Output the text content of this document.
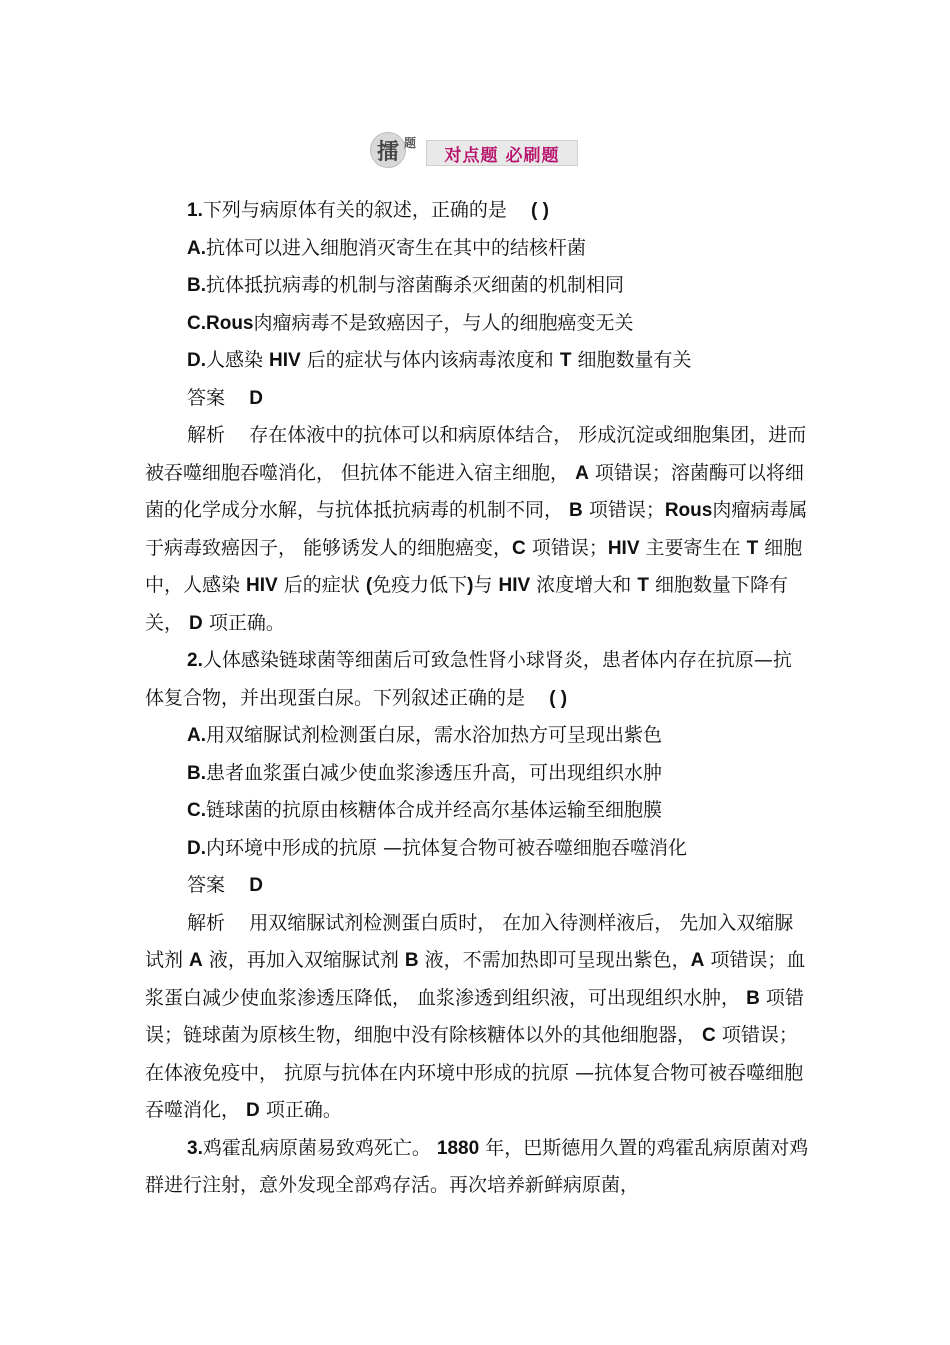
擂 题
对点题 必刷题

1.下列与病原体有关的叙述，正确的是 ( )

A.抗体可以进入细胞消灭寄生在其中的结核杆菌

B.抗体抵抗病毒的机制与溶菌酶杀灭细菌的机制相同

C.Rous肉瘤病毒不是致癌因子，与人的细胞癌变无关

D.人感染 HIV 后的症状与体内该病毒浓度和 T 细胞数量有关

答案 D

解析 存在体液中的抗体可以和病原体结合， 形成沉淀或细胞集团，进而被吞噬细胞吞噬消化， 但抗体不能进入宿主细胞， A 项错误；溶菌酶可以将细菌的化学成分水解，与抗体抵抗病毒的机制不同， B 项错误；Rous肉瘤病毒属于病毒致癌因子， 能够诱发人的细胞癌变，C 项错误；HIV 主要寄生在 T 细胞中，人感染 HIV 后的症状 (免疫力低下)与 HIV 浓度增大和 T 细胞数量下降有关， D 项正确。

2.人体感染链球菌等细菌后可致急性肾小球肾炎，患者体内存在抗原—抗体复合物，并出现蛋白尿。下列叙述正确的是 ( )

A.用双缩脲试剂检测蛋白尿，需水浴加热方可呈现出紫色

B.患者血浆蛋白减少使血浆渗透压升高，可出现组织水肿

C.链球菌的抗原由核糖体合成并经高尔基体运输至细胞膜

D.内环境中形成的抗原 —抗体复合物可被吞噬细胞吞噬消化

答案 D

解析 用双缩脲试剂检测蛋白质时， 在加入待测样液后， 先加入双缩脲试剂 A 液，再加入双缩脲试剂 B 液，不需加热即可呈现出紫色，A 项错误；血浆蛋白减少使血浆渗透压降低， 血浆渗透到组织液，可出现组织水肿， B 项错误；链球菌为原核生物，细胞中没有除核糖体以外的其他细胞器， C 项错误；在体液免疫中， 抗原与抗体在内环境中形成的抗原 —抗体复合物可被吞噬细胞吞噬消化， D 项正确。

3.鸡霍乱病原菌易致鸡死亡。 1880 年，巴斯德用久置的鸡霍乱病原菌对鸡群进行注射，意外发现全部鸡存活。再次培养新鲜病原菌，
